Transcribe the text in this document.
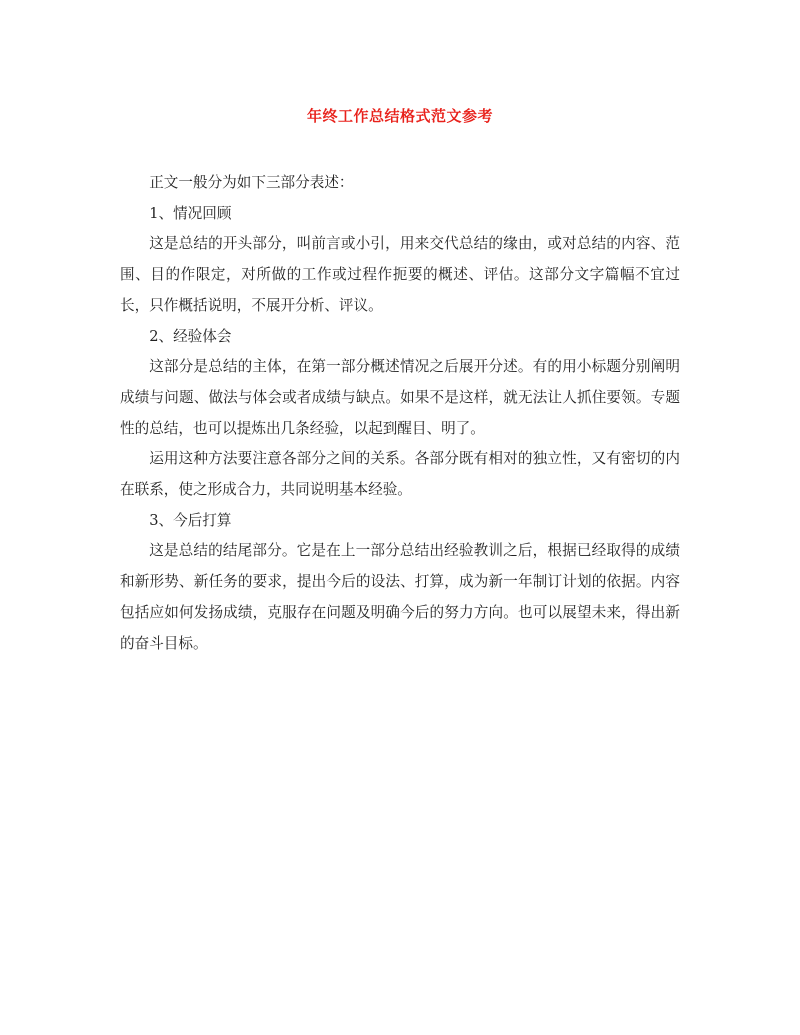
年终工作总结格式范文参考

正文一般分为如下三部分表述：

1、情况回顾

这是总结的开头部分，叫前言或小引，用来交代总结的缘由，或对总结的内容、范围、目的作限定，对所做的工作或过程作扼要的概述、评估。这部分文字篇幅不宜过长，只作概括说明，不展开分析、评议。

2、经验体会

这部分是总结的主体，在第一部分概述情况之后展开分述。有的用小标题分别阐明成绩与问题、做法与体会或者成绩与缺点。如果不是这样，就无法让人抓住要领。专题性的总结，也可以提炼出几条经验，以起到醒目、明了。

运用这种方法要注意各部分之间的关系。各部分既有相对的独立性，又有密切的内在联系，使之形成合力，共同说明基本经验。

3、今后打算

这是总结的结尾部分。它是在上一部分总结出经验教训之后，根据已经取得的成绩和新形势、新任务的要求，提出今后的设法、打算，成为新一年制订计划的依据。内容包括应如何发扬成绩，克服存在问题及明确今后的努力方向。也可以展望未来，得出新的奋斗目标。
